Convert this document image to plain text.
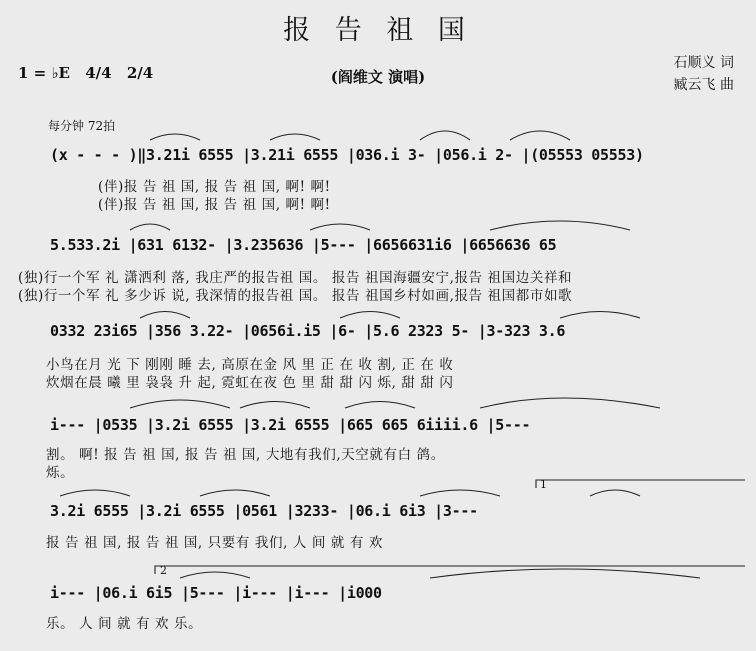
报 告 祖 国
(阎维文 演唱)
石顺义 词
臧云飞 曲
1 = ♭E 4/4 2/4
每分钟 72拍
(x - - - )‖3.21i 6555 |3.21i 6555 |036.i 3- |056.i 2- |(05553 05553)
(伴)报 告 祖 国, 报 告 祖 国, 啊! 啊!
(伴)报 告 祖 国, 报 告 祖 国, 啊! 啊!
5.533.2i |631 6132- |3.235636 |5--- |6656631i6 |6656636 65
(独)行一个军 礼 潇洒利 落, 我庄严的报告祖 国。 报告 祖国海疆安宁,报告 祖国边关祥和
(独)行一个军 礼 多少诉 说, 我深情的报告祖 国。 报告 祖国乡村如画,报告 祖国都市如歌
0332 23i65 |356 3.22- |0656i.i5 |6- |5.6 2323 5- |3-323 3.6
小鸟在月 光 下 刚刚 睡 去, 高原在金 风 里 正 在 收 割, 正 在 收
炊烟在晨 曦 里 袅袅 升 起, 霓虹在夜 色 里 甜 甜 闪 烁, 甜 甜 闪
i--- |0535 |3.2i 6555 |3.2i 6555 |665 665 6iiii.6 |5---
割。 啊! 报 告 祖 国, 报 告 祖 国, 大地有我们,天空就有白 鸽。
烁。
1
3.2i 6555 |3.2i 6555 |0561 |3233- |06.i 6i3 |3---
报 告 祖 国, 报 告 祖 国, 只要有 我们, 人 间 就 有 欢
2
i--- |06.i 6i5 |5--- |i--- |i--- |i000
乐。 人 间 就 有 欢 乐。
